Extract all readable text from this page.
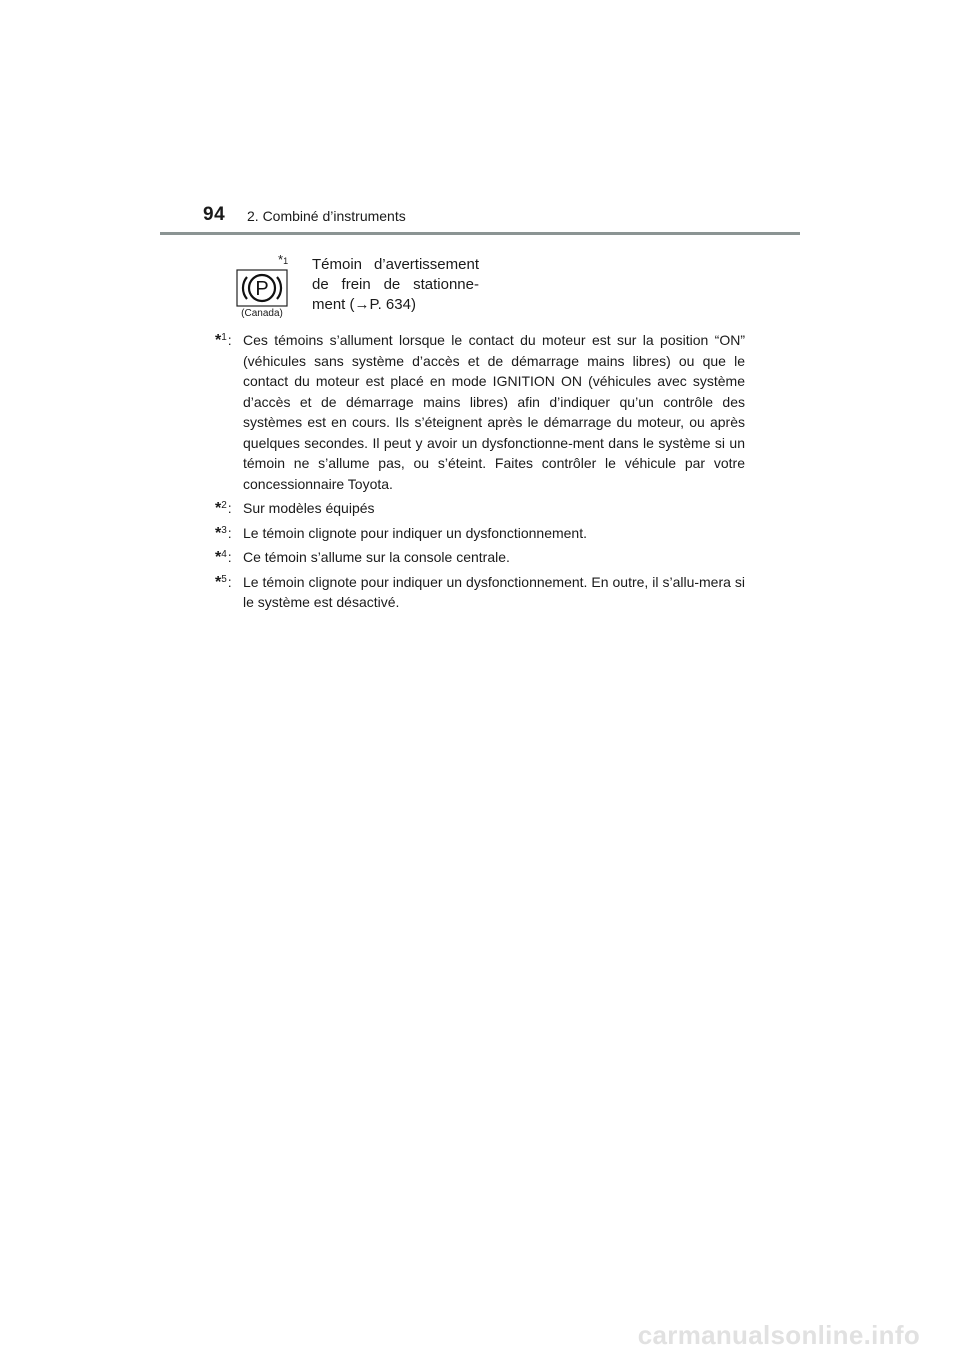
94 2. Combiné d’instruments
P
(Canada)
*1 Témoin d’avertissement de frein de stationne-ment (→P. 634)
*$^1$: Ces témoins s’allument lorsque le contact du moteur est sur la position “ON” (véhicules sans système d’accès et de démarrage mains libres) ou que le contact du moteur est placé en mode IGNITION ON (véhicules avec système d’accès et de démarrage mains libres) afin d’indiquer qu’un contrôle des systèmes est en cours. Ils s’éteignent après le démarrage du moteur, ou après quelques secondes. Il peut y avoir un dysfonctionne-ment dans le système si un témoin ne s’allume pas, ou s’éteint. Faites contrôler le véhicule par votre concessionnaire Toyota.
*$^2$: Sur modèles équipés
*$^3$: Le témoin clignote pour indiquer un dysfonctionnement.
*$^4$: Ce témoin s’allume sur la console centrale.
*$^5$: Le témoin clignote pour indiquer un dysfonctionnement. En outre, il s’allu-mera si le système est désactivé.
carmanualsonline.info
